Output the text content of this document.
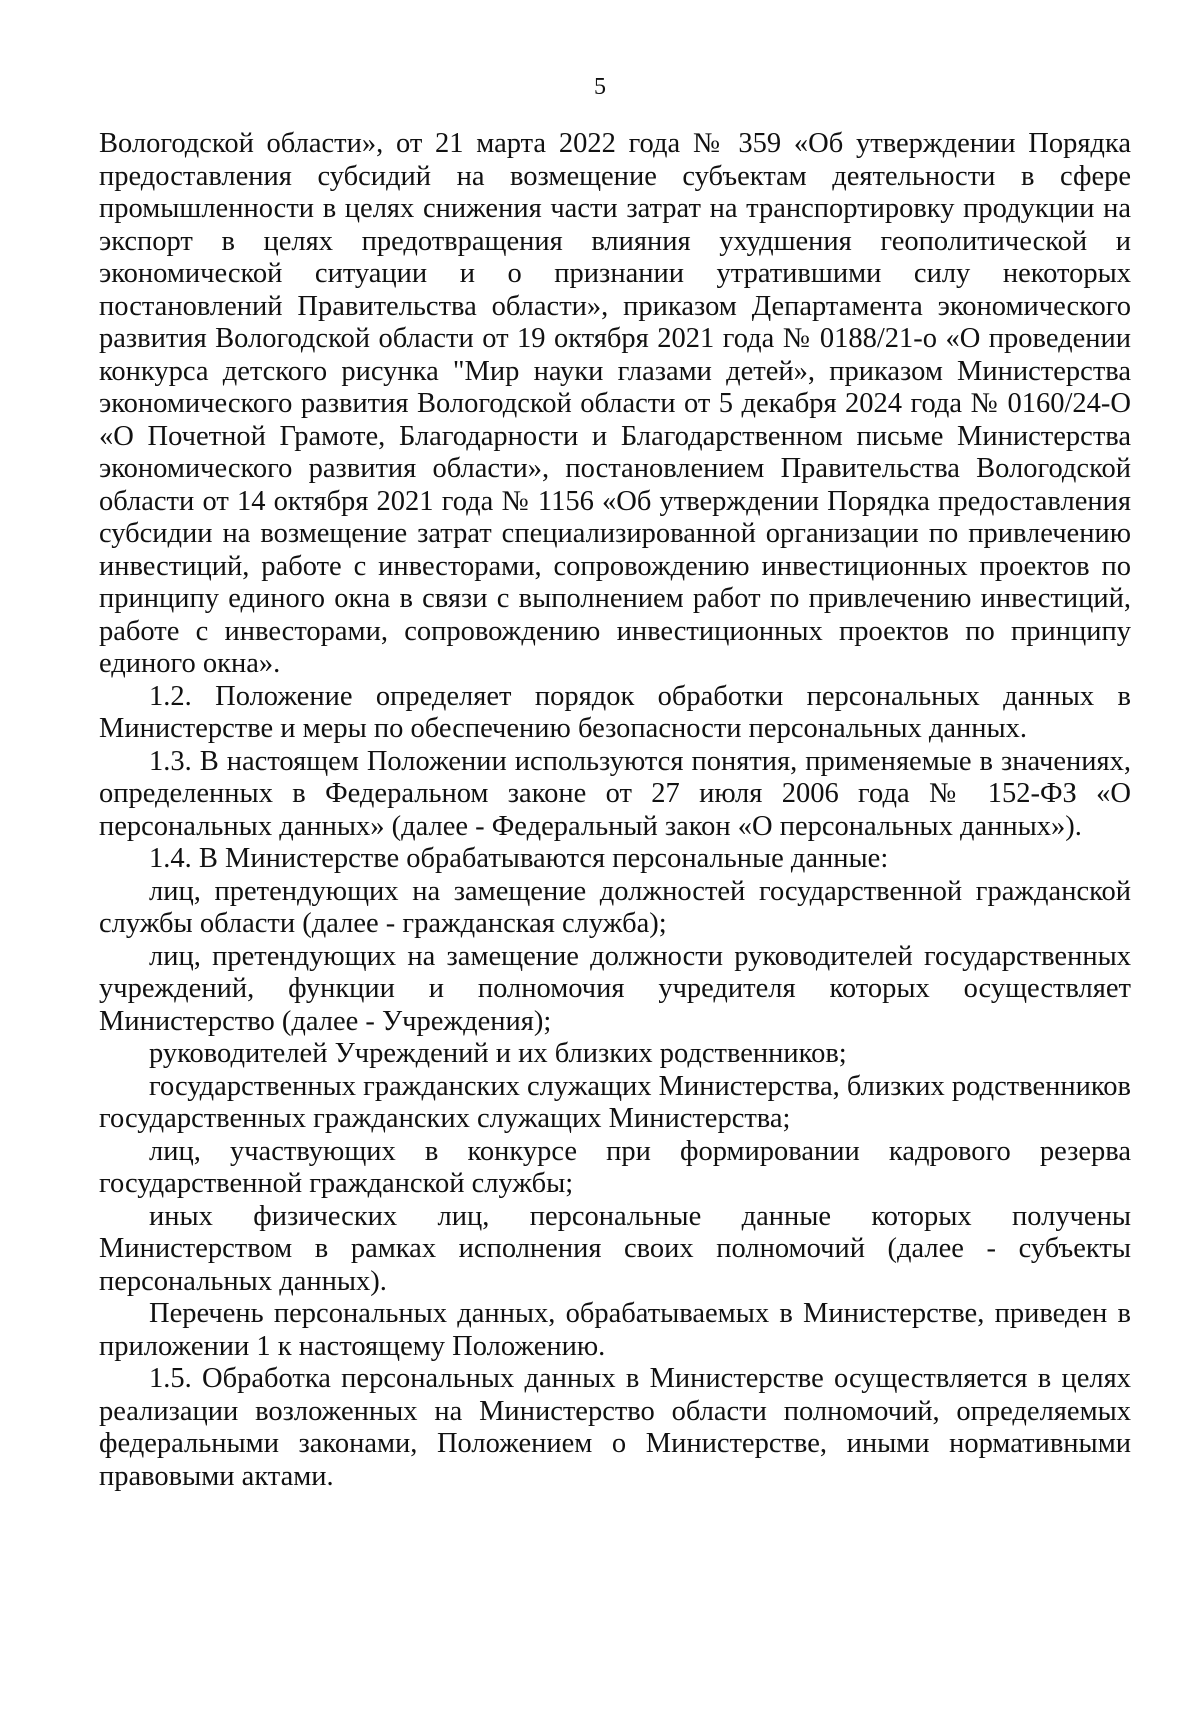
5

Вологодской области», от 21 марта 2022 года № 359 «Об утверждении Порядка предоставления субсидий на возмещение субъектам деятельности в сфере промышленности в целях снижения части затрат на транспортировку продукции на экспорт в целях предотвращения влияния ухудшения геополитической и экономической ситуации и о признании утратившими силу некоторых постановлений Правительства области», приказом Департамента экономического развития Вологодской области от 19 октября 2021 года № 0188/21-о «О проведении конкурса детского рисунка "Мир науки глазами детей», приказом Министерства экономического развития Вологодской области от 5 декабря 2024 года № 0160/24-О «О Почетной Грамоте, Благодарности и Благодарственном письме Министерства экономического развития области», постановлением Правительства Вологодской области от 14 октября 2021 года № 1156 «Об утверждении Порядка предоставления субсидии на возмещение затрат специализированной организации по привлечению инвестиций, работе с инвесторами, сопровождению инвестиционных проектов по принципу единого окна в связи с выполнением работ по привлечению инвестиций, работе с инвесторами, сопровождению инвестиционных проектов по принципу единого окна».

1.2. Положение определяет порядок обработки персональных данных в Министерстве и меры по обеспечению безопасности персональных данных.

1.3. В настоящем Положении используются понятия, применяемые в значениях, определенных в Федеральном законе от 27 июля 2006 года № 152-ФЗ «О персональных данных» (далее - Федеральный закон «О персональных данных»).

1.4. В Министерстве обрабатываются персональные данные:

лиц, претендующих на замещение должностей государственной гражданской службы области (далее - гражданская служба);

лиц, претендующих на замещение должности руководителей государственных учреждений, функции и полномочия учредителя которых осуществляет Министерство (далее - Учреждения);

руководителей Учреждений и их близких родственников;

государственных гражданских служащих Министерства, близких родственников государственных гражданских служащих Министерства;

лиц, участвующих в конкурсе при формировании кадрового резерва государственной гражданской службы;

иных физических лиц, персональные данные которых получены Министерством в рамках исполнения своих полномочий (далее - субъекты персональных данных).

Перечень персональных данных, обрабатываемых в Министерстве, приведен в приложении 1 к настоящему Положению.

1.5. Обработка персональных данных в Министерстве осуществляется в целях реализации возложенных на Министерство области полномочий, определяемых федеральными законами, Положением о Министерстве, иными нормативными правовыми актами.
